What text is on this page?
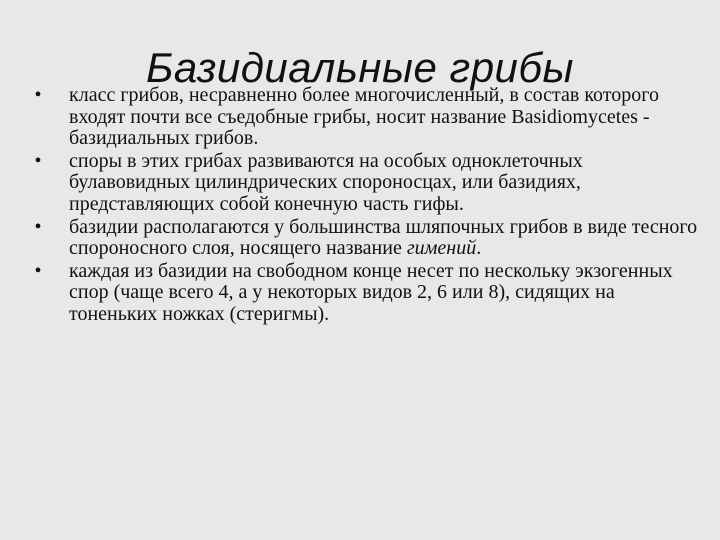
Базидиальные грибы
•	класс грибов, несравненно более многочисленный, в состав которого входят почти все съедобные грибы, носит название Basidiomycetes - базидиальных грибов.
•	споры в этих грибах развиваются на особых одноклеточных булавовидных цилиндрических спороносцах, или базидиях, представляющих собой конечную часть гифы.
•	базидии располагаются у большинства шляпочных грибов в виде тесного спороносного слоя, носящего название гимений.
•	каждая из базидии на свободном конце несет по нескольку экзогенных спор (чаще всего 4, а у некоторых видов 2, 6 или 8), сидящих на тоненьких ножках (стеригмы).
